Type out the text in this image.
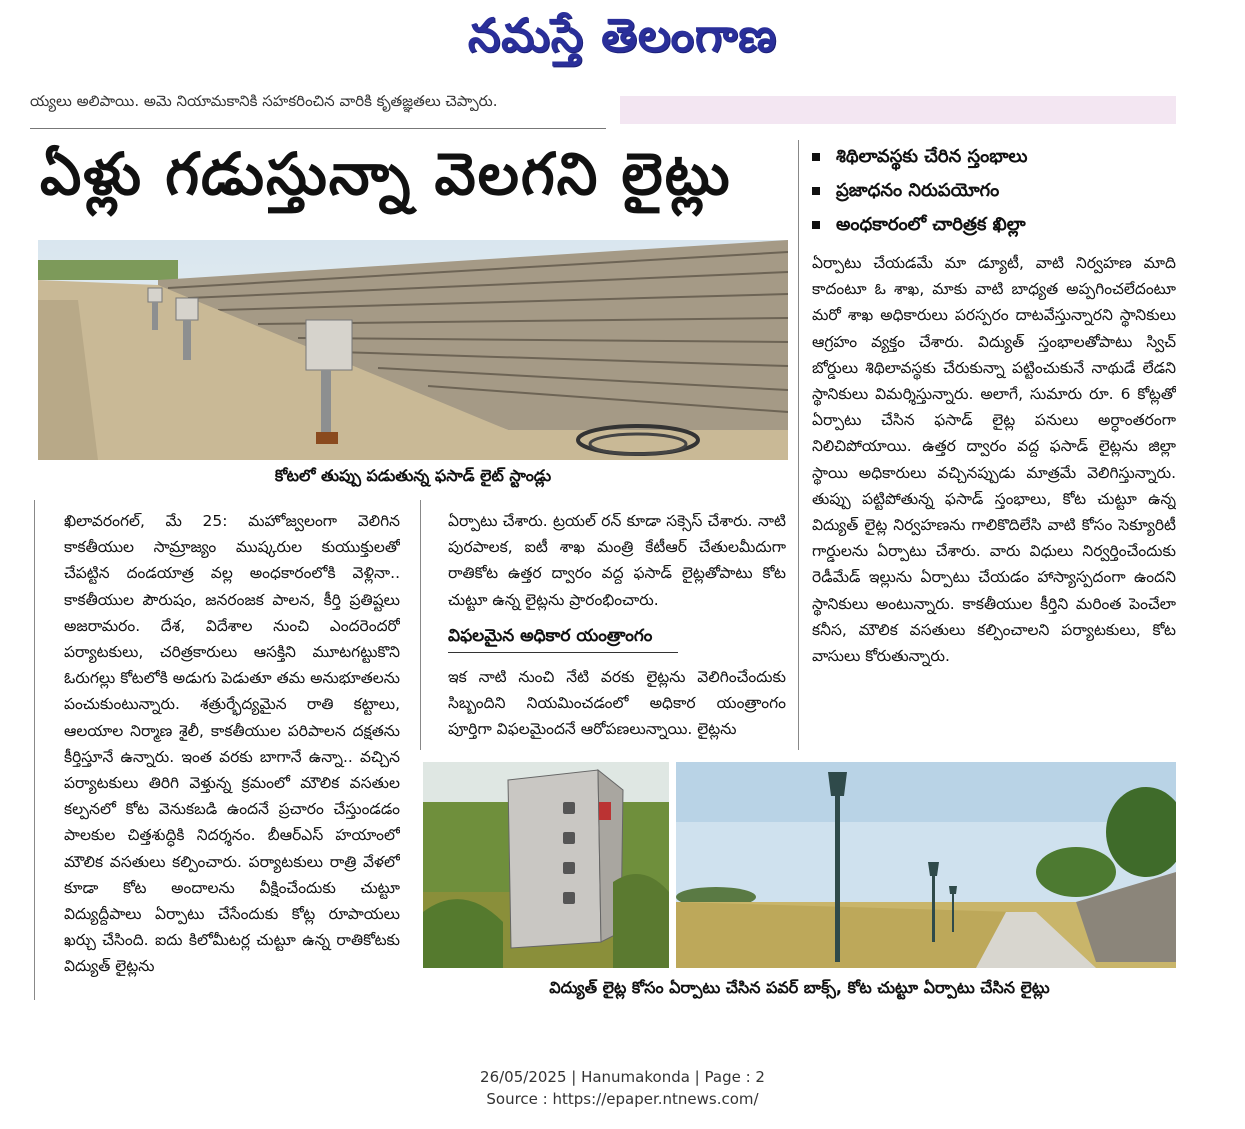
నమస్తే తెలంగాణ
య్యలు అలిపాయి. అమె నియామకానికి సహకరించిన వారికి కృతజ్ఞతలు చెప్పారు.
ఏళ్లు గడుస్తున్నా వెలగని లైట్లు	శిథిలావస్థకు చేరిన స్తంభాలు
ప్రజాధనం నిరుపయోగం
అంధకారంలో చారిత్రక ఖిల్లా
కోటలో తుప్పు పడుతున్న ఫసాడ్‌ లైట్‌ స్టాండ్లు

ఖిలావరంగల్‌, మే 25: మహోజ్వలంగా వెలిగిన కాకతీయుల సామ్రాజ్యం ముష్కరుల కుయుక్తులతో చేపట్టిన దండయాత్ర వల్ల అంధకారంలోకి వెళ్లినా.. కాకతీయుల పౌరుషం, జనరంజక పాలన, కీర్తి ప్రతిష్టలు అజరామరం. దేశ, విదేశాల నుంచి ఎందరెందరో పర్యాటకులు, చరిత్రకారులు ఆసక్తిని మూటగట్టుకొని ఓరుగల్లు కోటలోకి అడుగు పెడుతూ తమ అనుభూతలను పంచుకుంటున్నారు. శత్రుర్భేద్యమైన రాతి కట్టాలు, ఆలయాల నిర్మాణ శైలీ, కాకతీయుల పరిపాలన దక్షతను కీర్తిస్తూనే ఉన్నారు. ఇంత వరకు బాగానే ఉన్నా.. వచ్చిన పర్యాటకులు తిరిగి వెళ్తున్న క్రమంలో మౌలిక వసతుల కల్పనలో కోట వెనుకబడి ఉందనే ప్రచారం చేస్తుండడం పాలకుల చిత్తశుద్ధికి నిదర్శనం. బీఆర్‌ఎస్‌ హయాంలో మౌలిక వసతులు కల్పించారు. పర్యాటకులు రాత్రి వేళలో కూడా కోట అందాలను వీక్షించేందుకు చుట్టూ విద్యుద్దీపాలు ఏర్పాటు చేసేందుకు కోట్ల రూపాయలు ఖర్చు చేసింది. ఐదు కిలోమీటర్ల చుట్టూ ఉన్న రాతికోటకు విద్యుత్‌ లైట్లను

ఏర్పాటు చేశారు. ట్రయల్‌ రన్‌ కూడా సక్సెస్‌ చేశారు. నాటి పురపాలక, ఐటీ శాఖ మంత్రి కేటీఆర్‌ చేతులమీదుగా రాతికోట ఉత్తర ద్వారం వద్ద ఫసాడ్‌ లైట్లతోపాటు కోట చుట్టూ ఉన్న లైట్లను ప్రారంభించారు.

విఫలమైన అధికార యంత్రాంగం

ఇక నాటి నుంచి నేటి వరకు లైట్లను వెలిగించేందుకు సిబ్బందిని నియమించడంలో అధికార యంత్రాంగం పూర్తిగా విఫలమైందనే ఆరోపణలున్నాయి. లైట్లను

ఏర్పాటు చేయడమే మా డ్యూటీ, వాటి నిర్వహణ మాది కాదంటూ ఓ శాఖ, మాకు వాటి బాధ్యత అప్పగించలేదంటూ మరో శాఖ అధికారులు పరస్పరం దాటవేస్తున్నారని స్థానికులు ఆగ్రహం వ్యక్తం చేశారు. విద్యుత్‌ స్తంభాలతోపాటు స్విచ్‌ బోర్డులు శిథిలావస్థకు చేరుకున్నా పట్టించుకునే నాథుడే లేడని స్థానికులు విమర్శిస్తున్నారు. అలాగే, సుమారు రూ. 6 కోట్లతో ఏర్పాటు చేసిన ఫసాడ్‌ లైట్ల పనులు అర్ధాంతరంగా నిలిచిపోయాయి. ఉత్తర ద్వారం వద్ద ఫసాడ్‌ లైట్లను జిల్లా స్థాయి అధికారులు వచ్చినప్పుడు మాత్రమే వెలిగిస్తున్నారు. తుప్పు పట్టిపోతున్న ఫసాడ్‌ స్తంభాలు, కోట చుట్టూ ఉన్న విద్యుత్‌ లైట్ల నిర్వహణను గాలికొదిలేసి వాటి కోసం సెక్యూరిటీ గార్డులను ఏర్పాటు చేశారు. వారు విధులు నిర్వర్తించేందుకు రెడీమేడ్‌ ఇల్లును ఏర్పాటు చేయడం హాస్యాస్పదంగా ఉందని స్థానికులు అంటున్నారు. కాకతీయుల కీర్తిని మరింత పెంచేలా కనీస, మౌలిక వసతులు కల్పించాలని పర్యాటకులు, కోట వాసులు కోరుతున్నారు.

విద్యుత్‌ లైట్ల కోసం ఏర్పాటు చేసిన పవర్‌ బాక్స్‌, కోట చుట్టూ ఏర్పాటు చేసిన లైట్లు
26/05/2025 | Hanumakonda | Page : 2
Source : https://epaper.ntnews.com/
